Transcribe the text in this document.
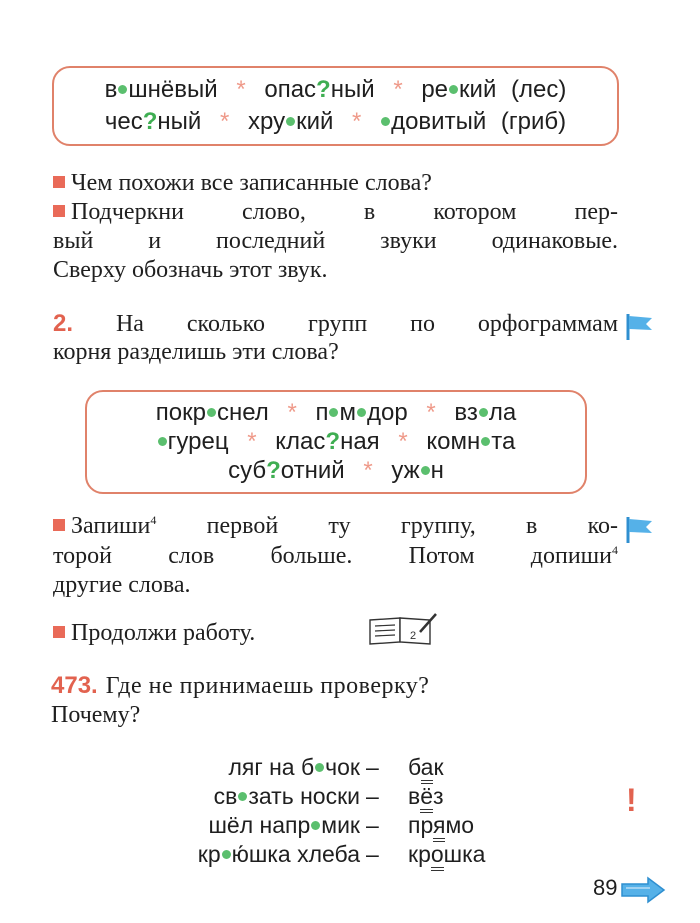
в шнёвый * опас?ный * ре кий (лес)
чес?ный * хру кий * довитый (гриб)
Чем похожи все записанные слова?
Подчеркни слово, в котором пер-
вый и последний звуки одинаковые.
Сверху обозначь этот звук.
2. На сколько групп по орфограммам
корня разделишь эти слова?
покр снел * п м дор * вз ла
гурец * клас?ная * комн та
суб?отний * уж н
Запиши$^4$ первой ту группу, в ко-
торой слов больше. Потом допиши$^4$
другие слова.
Продолжи работу.	2
473. Где не принимаешь проверку?
Почему?
ляг на б чок – бак
св зать носки – вёз
шёл напр мик – прямо
кр ю́шка хлеба – крошка
!
89
